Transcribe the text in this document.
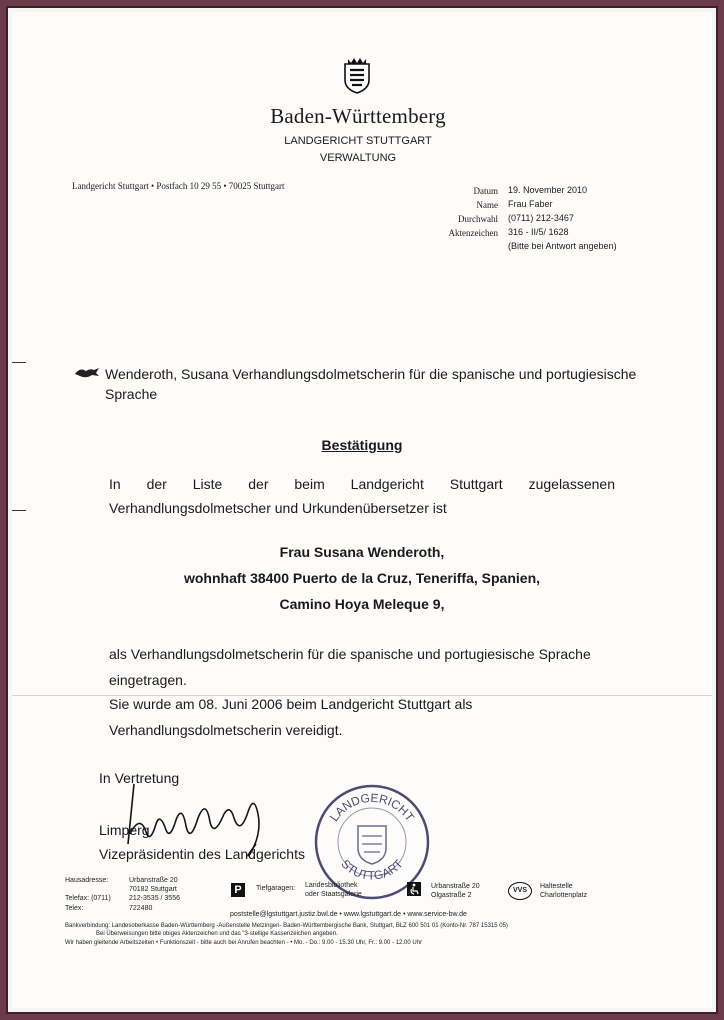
Baden-Württemberg
LANDGERICHT STUTTGART
VERWALTUNG
Landgericht Stuttgart • Postfach 10 29 55 • 70025 Stuttgart	Datum 19. November 2010
Name Frau Faber
Durchwahl (0711) 212-3467
Aktenzeichen 316 - II/5/ 1628
(Bitte bei Antwort angeben)
Wenderoth, Susana Verhandlungsdolmetscherin für die spanische und portugiesische Sprache
Bestätigung
In der Liste der beim Landgericht Stuttgart zugelassenen
Verhandlungsdolmetscher und Urkundenübersetzer ist
Frau Susana Wenderoth,
wohnhaft 38400 Puerto de la Cruz, Teneriffa, Spanien,
Camino Hoya Meleque 9,
als Verhandlungsdolmetscherin für die spanische und portugiesische Sprache
eingetragen.
Sie wurde am 08. Juni 2006 beim Landgericht Stuttgart als
Verhandlungsdolmetscherin vereidigt.
In Vertretung
Limperg
Vizepräsidentin des Landgerichts
LANDGERICHT
STUTTGART
Hausadresse:	Urbanstraße 20
70182 Stuttgart
Telefax: (0711)	212-3535 / 3556
Telex:	722480
P	Tiefgaragen: Landesbibliothek
oder Staatsgalerie
Urbanstraße 20
Olgastraße 2
VVS
Haltestelle
Charlottenplatz
poststelle@lgstuttgart.justiz.bwl.de • www.lgstuttgart.de • www.service-bw.de
Bankverbindung: Landesoberkasse Baden-Württemberg -Außenstelle Metzingen- Baden-Württembergische Bank, Stuttgart, BLZ 600 501 01 (Konto-Nr. 787 15315 05)
Bei Überweisungen bitte obiges Aktenzeichen und das "3-stellige Kassenzeichen angeben.
Wir haben gleitende Arbeitszeiten • Funktionszeit - bitte auch bei Anrufen beachten - • Mo. - Do.: 9.00 - 15.30 Uhr, Fr.: 9.00 - 12.00 Uhr
